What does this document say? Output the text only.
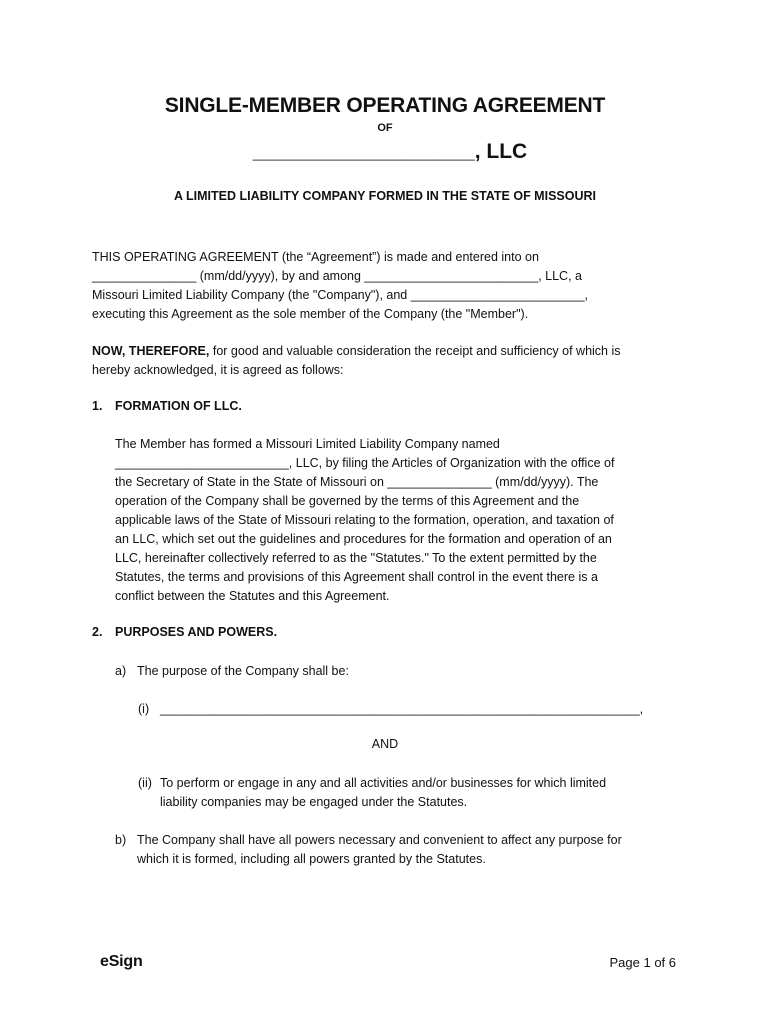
SINGLE-MEMBER OPERATING AGREEMENT
OF
___________________, LLC
A LIMITED LIABILITY COMPANY FORMED IN THE STATE OF MISSOURI
THIS OPERATING AGREEMENT (the “Agreement”) is made and entered into on
_______________ (mm/dd/yyyy), by and among _________________________, LLC, a
Missouri Limited Liability Company (the "Company"), and _________________________,
executing this Agreement as the sole member of the Company (the "Member").
NOW, THEREFORE, for good and valuable consideration the receipt and sufficiency of which is
hereby acknowledged, it is agreed as follows:
1. FORMATION OF LLC.
The Member has formed a Missouri Limited Liability Company named
_________________________, LLC, by filing the Articles of Organization with the office of
the Secretary of State in the State of Missouri on _______________ (mm/dd/yyyy). The
operation of the Company shall be governed by the terms of this Agreement and the
applicable laws of the State of Missouri relating to the formation, operation, and taxation of
an LLC, which set out the guidelines and procedures for the formation and operation of an
LLC, hereinafter collectively referred to as the "Statutes." To the extent permitted by the
Statutes, the terms and provisions of this Agreement shall control in the event there is a
conflict between the Statutes and this Agreement.
2. PURPOSES AND POWERS.
a) The purpose of the Company shall be:
(i) _____________________________________________________________________,
AND
(ii) To perform or engage in any and all activities and/or businesses for which limited
liability companies may be engaged under the Statutes.
b) The Company shall have all powers necessary and convenient to affect any purpose for
which it is formed, including all powers granted by the Statutes.
eSign	Page 1 of 6
